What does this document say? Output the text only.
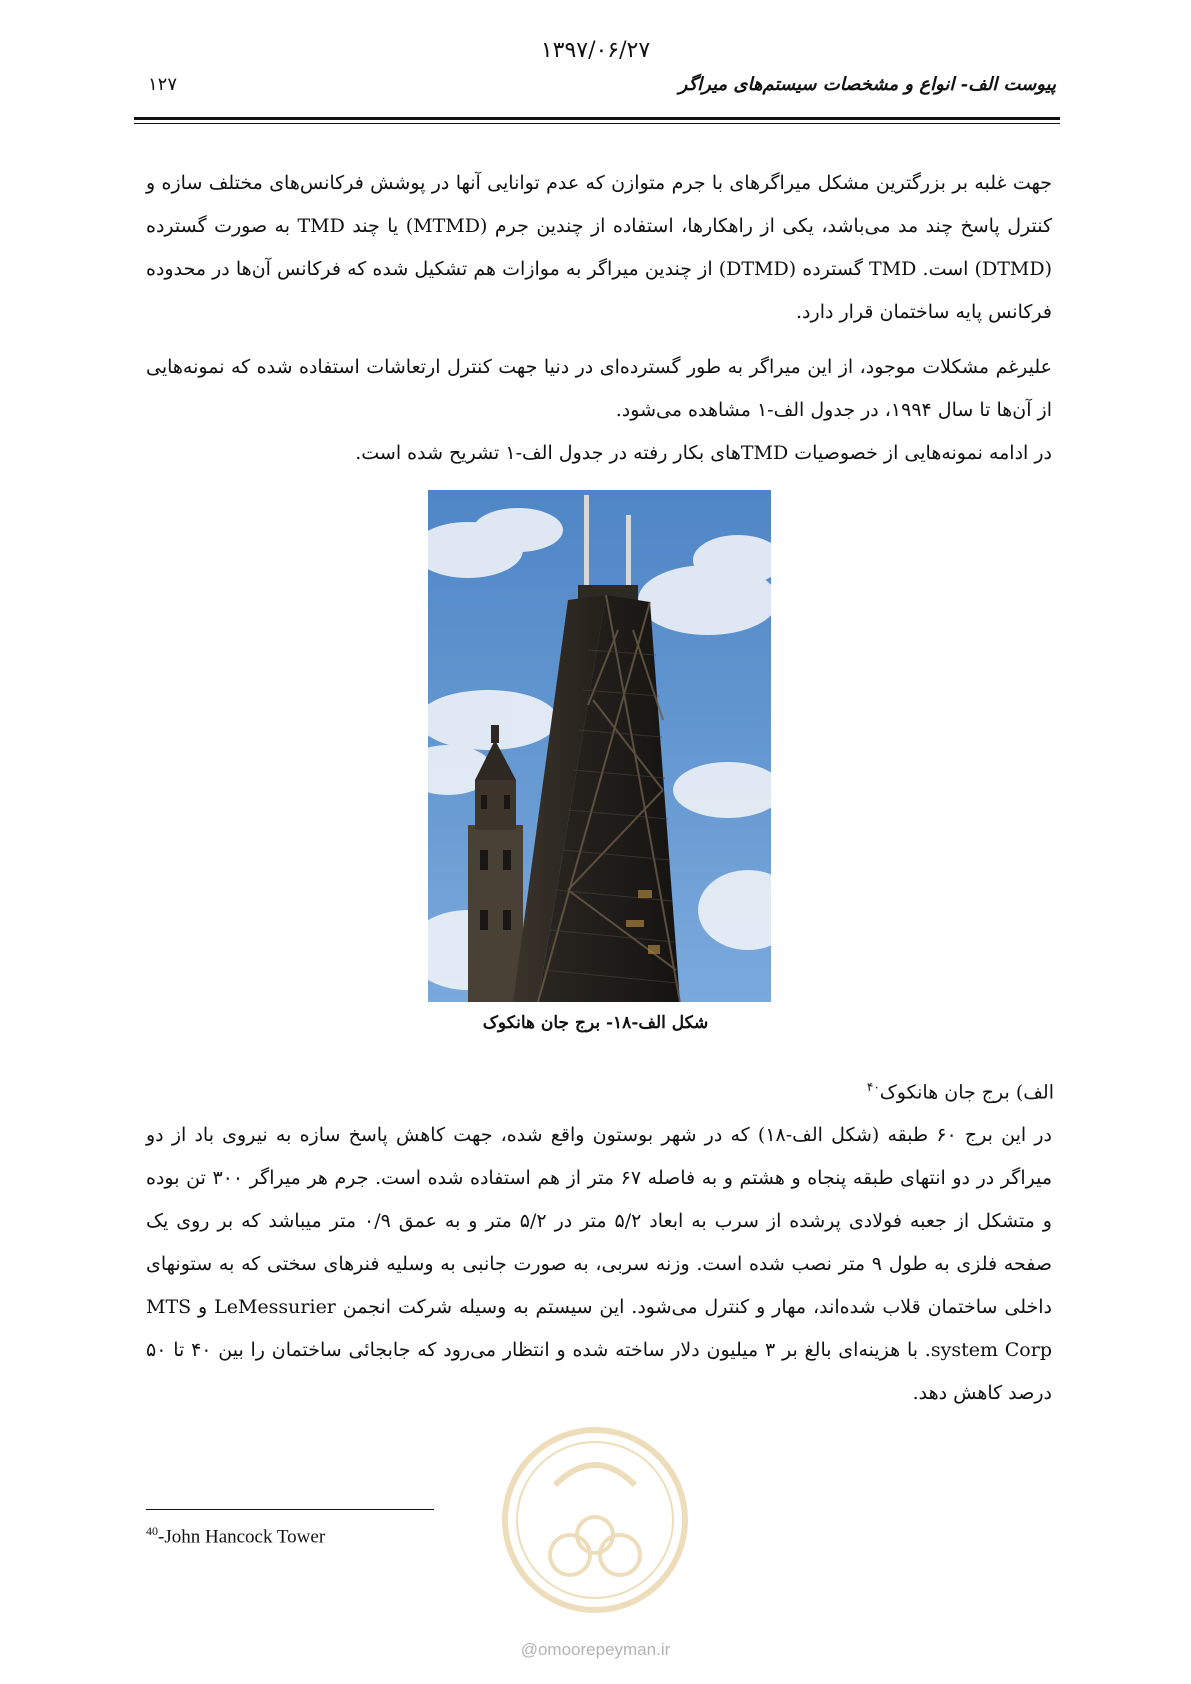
۱۳۹۷/۰۶/۲۷
۱۲۷	پیوست الف- انواع و مشخصات سیستم‌های میراگر

جهت غلبه بر بزرگترین مشکل میراگرهای با جرم متوازن که عدم توانایی آنها در پوشش فرکانس‌های مختلف سازه و کنترل پاسخ چند مد می‌باشد، یکی از راهکارها، استفاده از چندین جرم (MTMD) یا چند TMD به صورت گسترده (DTMD) است. TMD گسترده (DTMD) از چندین میراگر به موازات هم تشکیل شده که فرکانس آن‌ها در محدوده فرکانس پایه ساختمان قرار دارد.

علیرغم مشکلات موجود، از این میراگر به طور گسترده‌ای در دنیا جهت کنترل ارتعاشات استفاده شده که نمونه‌هایی از آن‌ها تا سال ۱۹۹۴، در جدول الف-۱ مشاهده می‌شود.

در ادامه نمونه‌هایی از خصوصیات TMDهای بکار رفته در جدول الف-۱ تشریح شده است.

شکل الف-۱۸- برج جان هانکوک
الف) برج جان هانکوک$^{۴۰}$

در این برج ۶۰ طبقه (شکل الف-۱۸) که در شهر بوستون واقع شده، جهت کاهش پاسخ سازه به نیروی باد از دو میراگر در دو انتهای طبقه پنجاه و هشتم و به فاصله ۶۷ متر از هم استفاده شده است. جرم هر میراگر ۳۰۰ تن بوده و متشکل از جعبه فولادی پرشده از سرب به ابعاد ۵/۲ متر در ۵/۲ متر و به عمق ۰/۹ متر میباشد که بر روی یک صفحه فلزی به طول ۹ متر نصب شده است. وزنه سربی، به صورت جانبی به وسلیه فنرهای سختی که به ستونهای داخلی ساختمان قلاب شده‌اند، مهار و کنترل می‌شود. این سیستم به وسیله شرکت انجمن LeMessurier و MTS system Corp. با هزینه‌ای بالغ بر ۳ میلیون دلار ساخته شده و انتظار می‌رود که جابجائی ساختمان را بین ۴۰ تا ۵۰ درصد کاهش دهد.

$^{40}$-John Hancock Tower
@omoorepeyman.ir
